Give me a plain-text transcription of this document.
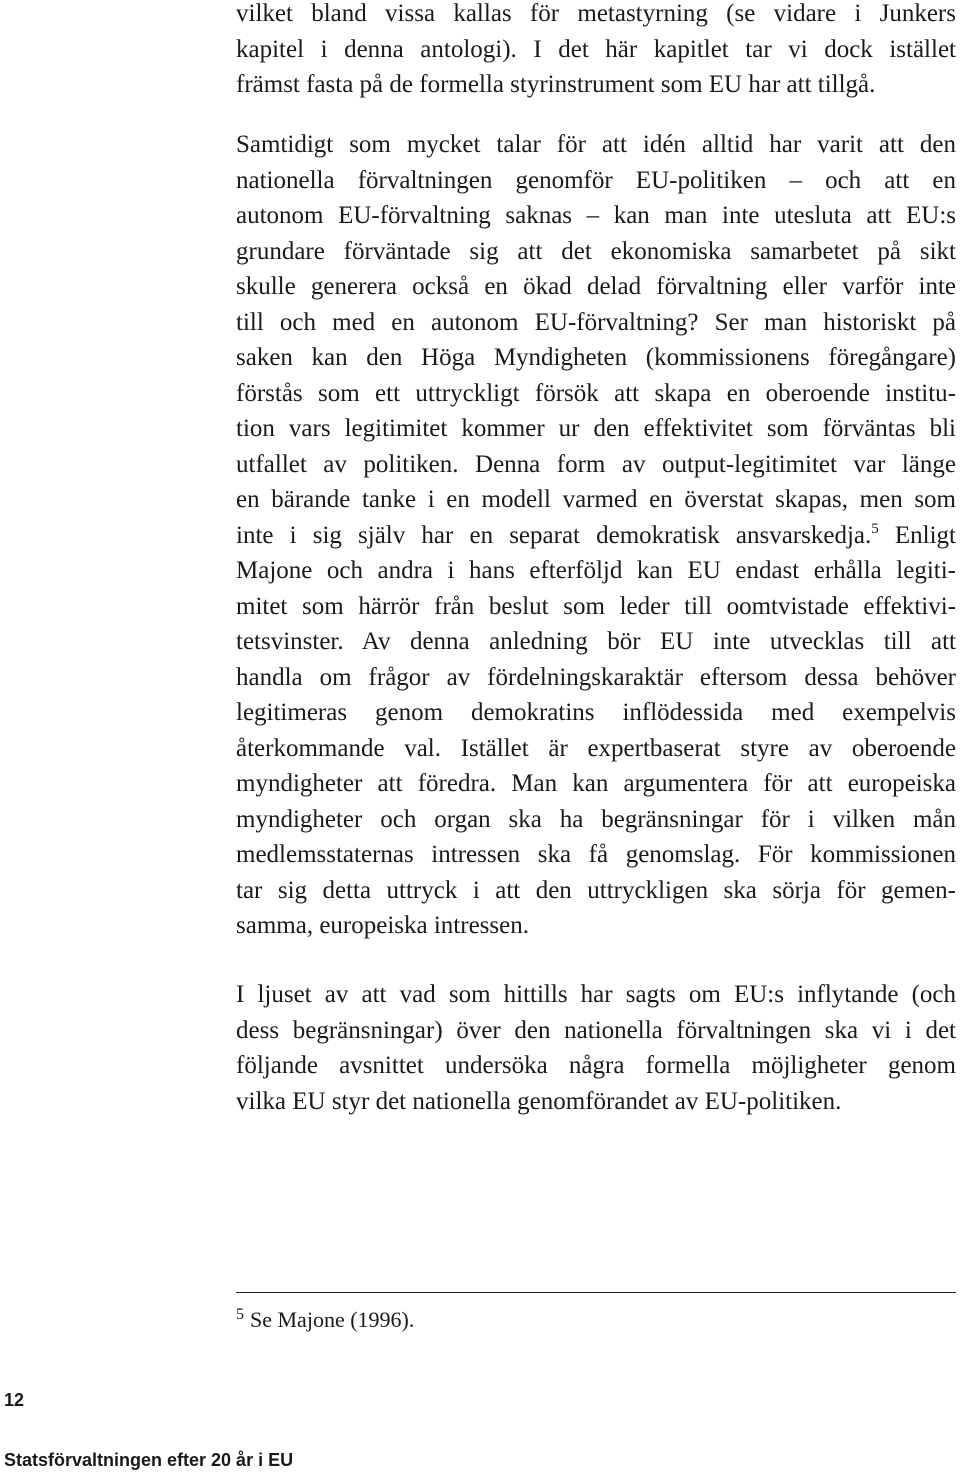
vilket bland vissa kallas för metastyrning (se vidare i Junkers
kapitel i denna antologi). I det här kapitlet tar vi dock istället
främst fasta på de formella styrinstrument som EU har att tillgå.
Samtidigt som mycket talar för att idén alltid har varit att den
nationella förvaltningen genomför EU-politiken – och att en
autonom EU-förvaltning saknas – kan man inte utesluta att EU:s
grundare förväntade sig att det ekonomiska samarbetet på sikt
skulle generera också en ökad delad förvaltning eller varför inte
till och med en autonom EU-förvaltning? Ser man historiskt på
saken kan den Höga Myndigheten (kommissionens föregångare)
förstås som ett uttryckligt försök att skapa en oberoende institu-
tion vars legitimitet kommer ur den effektivitet som förväntas bli
utfallet av politiken. Denna form av output-legitimitet var länge
en bärande tanke i en modell varmed en överstat skapas, men som
inte i sig själv har en separat demokratisk ansvarskedja.$^5$ Enligt
Majone och andra i hans efterföljd kan EU endast erhålla legiti-
mitet som härrör från beslut som leder till oomtvistade effektivi-
tetsvinster. Av denna anledning bör EU inte utvecklas till att
handla om frågor av fördelningskaraktär eftersom dessa behöver
legitimeras genom demokratins inflödessida med exempelvis
återkommande val. Istället är expertbaserat styre av oberoende
myndigheter att föredra. Man kan argumentera för att europeiska
myndigheter och organ ska ha begränsningar för i vilken mån
medlemsstaternas intressen ska få genomslag. För kommissionen
tar sig detta uttryck i att den uttryckligen ska sörja för gemen-
samma, europeiska intressen.
I ljuset av att vad som hittills har sagts om EU:s inflytande (och
dess begränsningar) över den nationella förvaltningen ska vi i det
följande avsnittet undersöka några formella möjligheter genom
vilka EU styr det nationella genomförandet av EU-politiken.
$^5$ Se Majone (1996).
12
Statsförvaltningen efter 20 år i EU
